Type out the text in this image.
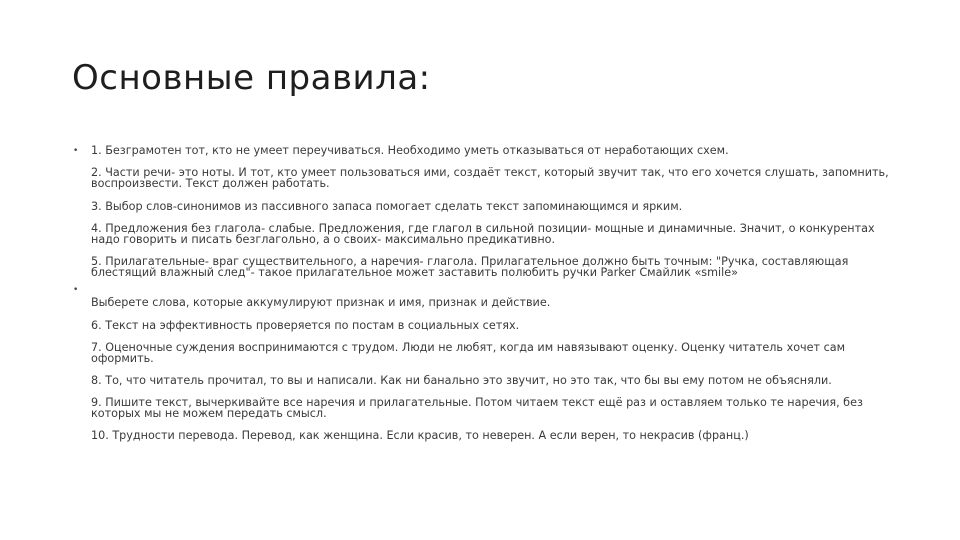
Основные правила:
•
•

1. Безграмотен тот, кто не умеет переучиваться. Необходимо уметь отказываться от неработающих схем.

2. Части речи- это ноты. И тот, кто умеет пользоваться ими, создаёт текст, который звучит так, что его хочется слушать, запомнить, воспроизвести. Текст должен работать.

3. Выбор слов-синонимов из пассивного запаса помогает сделать текст запоминающимся и ярким.

4. Предложения без глагола- слабые. Предложения, где глагол в сильной позиции- мощные и динамичные. Значит, о конкурентах надо говорить и писать безглагольно, а о своих- максимально предикативно.

5. Прилагательные- враг существительного, а наречия- глагола. Прилагательное должно быть точным: "Ручка, составляющая блестящий влажный след"- такое прилагательное может заставить полюбить ручки Parker Смайлик «smile»

Выберете слова, которые аккумулируют признак и имя, признак и действие.

6. Текст на эффективность проверяется по постам в социальных сетях.

7. Оценочные суждения воспринимаются с трудом. Люди не любят, когда им навязывают оценку. Оценку читатель хочет сам оформить.

8. То, что читатель прочитал, то вы и написали. Как ни банально это звучит, но это так, что бы вы ему потом не объясняли.

9. Пишите текст, вычеркивайте все наречия и прилагательные. Потом читаем текст ещё раз и оставляем только те наречия, без которых мы не можем передать смысл.

10. Трудности перевода. Перевод, как женщина. Если красив, то неверен. А если верен, то некрасив (франц.)
